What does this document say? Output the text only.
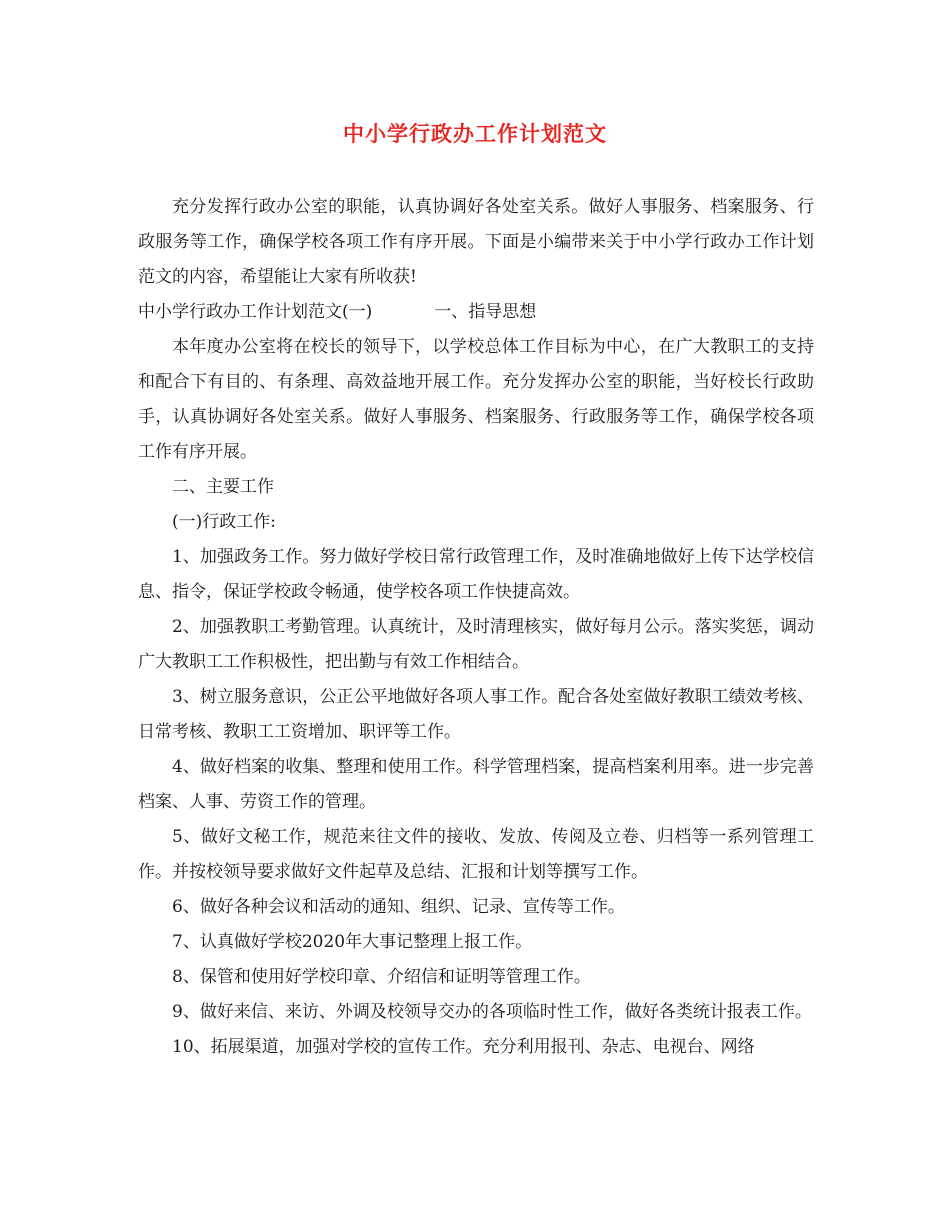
中小学行政办工作计划范文

充分发挥行政办公室的职能，认真协调好各处室关系。做好人事服务、档案服务、行政服务等工作，确保学校各项工作有序开展。下面是小编带来关于中小学行政办工作计划范文的内容，希望能让大家有所收获!

中小学行政办工作计划范文(一)	一、指导思想

本年度办公室将在校长的领导下，以学校总体工作目标为中心，在广大教职工的支持和配合下有目的、有条理、高效益地开展工作。充分发挥办公室的职能，当好校长行政助手，认真协调好各处室关系。做好人事服务、档案服务、行政服务等工作，确保学校各项工作有序开展。

二、主要工作

(一)行政工作:

1、加强政务工作。努力做好学校日常行政管理工作，及时准确地做好上传下达学校信息、指令，保证学校政令畅通，使学校各项工作快捷高效。

2、加强教职工考勤管理。认真统计，及时清理核实，做好每月公示。落实奖惩，调动广大教职工工作积极性，把出勤与有效工作相结合。

3、树立服务意识，公正公平地做好各项人事工作。配合各处室做好教职工绩效考核、日常考核、教职工工资增加、职评等工作。

4、做好档案的收集、整理和使用工作。科学管理档案，提高档案利用率。进一步完善档案、人事、劳资工作的管理。

5、做好文秘工作，规范来往文件的接收、发放、传阅及立卷、归档等一系列管理工作。并按校领导要求做好文件起草及总结、汇报和计划等撰写工作。

6、做好各种会议和活动的通知、组织、记录、宣传等工作。

7、认真做好学校2020年大事记整理上报工作。

8、保管和使用好学校印章、介绍信和证明等管理工作。

9、做好来信、来访、外调及校领导交办的各项临时性工作，做好各类统计报表工作。

10、拓展渠道，加强对学校的宣传工作。充分利用报刊、杂志、电视台、网络
